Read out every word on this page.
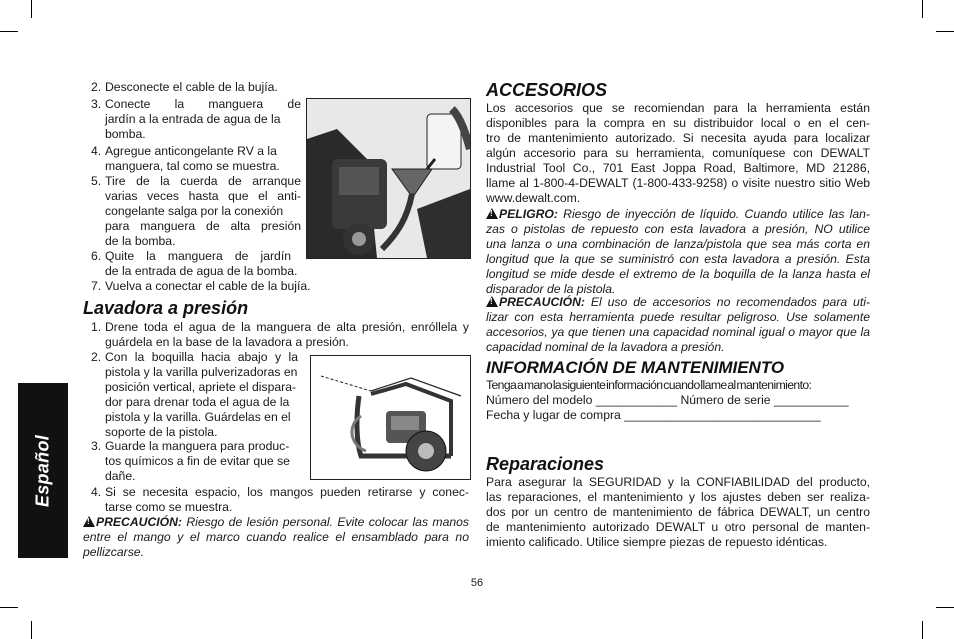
Español
2. Desconecte el cable de la bujía.
3. Conecte la manguera de
jardín a la entrada de agua de la
bomba.
4. Agregue anticongelante RV a la
manguera, tal como se muestra.
5. Tire de la cuerda de arranque
varias veces hasta que el anti-
congelante salga por la conexión
para manguera de alta presión
de la bomba.
6. Quite la manguera de jardín
de la entrada de agua de la bomba.
7. Vuelva a conectar el cable de la bujía.
Lavadora a presión
1. Drene toda el agua de la manguera de alta presión, enróllela y
guárdela en la base de la lavadora a presión.
2. Con la boquilla hacia abajo y la
pistola y la varilla pulverizadoras en
posición vertical, apriete el dispara-
dor para drenar toda el agua de la
pistola y la varilla. Guárdelas en el
soporte de la pistola.
3. Guarde la manguera para produc-
tos químicos a fin de evitar que se
dañe.
4. Si se necesita espacio, los mangos pueden retirarse y conec-
tarse como se muestra.
!PRECAUCIÓN: Riesgo de lesión personal. Evite colocar las manos
entre el mango y el marco cuando realice el ensamblado para no
pellizcarse.
ACCESORIOS
Los accesorios que se recomiendan para la herramienta están
disponibles para la compra en su distribuidor local o en el cen-
tro de mantenimiento autorizado. Si necesita ayuda para localizar
algún accesorio para su herramienta, comuníquese con DEWALT
Industrial Tool Co., 701 East Joppa Road, Baltimore, MD 21286,
llame al 1-800-4-DEWALT (1-800-433-9258) o visite nuestro sitio Web
www.dewalt.com.
!PELIGRO: Riesgo de inyección de líquido. Cuando utilice las lan-
zas o pistolas de repuesto con esta lavadora a presión, NO utilice
una lanza o una combinación de lanza/pistola que sea más corta en
longitud que la que se suministró con esta lavadora a presión. Esta
longitud se mide desde el extremo de la boquilla de la lanza hasta el
disparador de la pistola.
!PRECAUCIÓN: El uso de accesorios no recomendados para uti-
lizar con esta herramienta puede resultar peligroso. Use solamente
accesorios, ya que tienen una capacidad nominal igual o mayor que la
capacidad nominal de la lavadora a presión.
INFORMACIÓN DE MANTENIMIENTO
Tenga a mano la siguiente información cuando llame al mantenimiento:
Número del modelo ____________ Número de serie ___________
Fecha y lugar de compra _____________________________
Reparaciones
Para asegurar la SEGURIDAD y la CONFIABILIDAD del producto,
las reparaciones, el mantenimiento y los ajustes deben ser realiza-
dos por un centro de mantenimiento de fábrica DEWALT, un centro
de mantenimiento autorizado DEWALT u otro personal de manten-
imiento calificado. Utilice siempre piezas de repuesto idénticas.
56
